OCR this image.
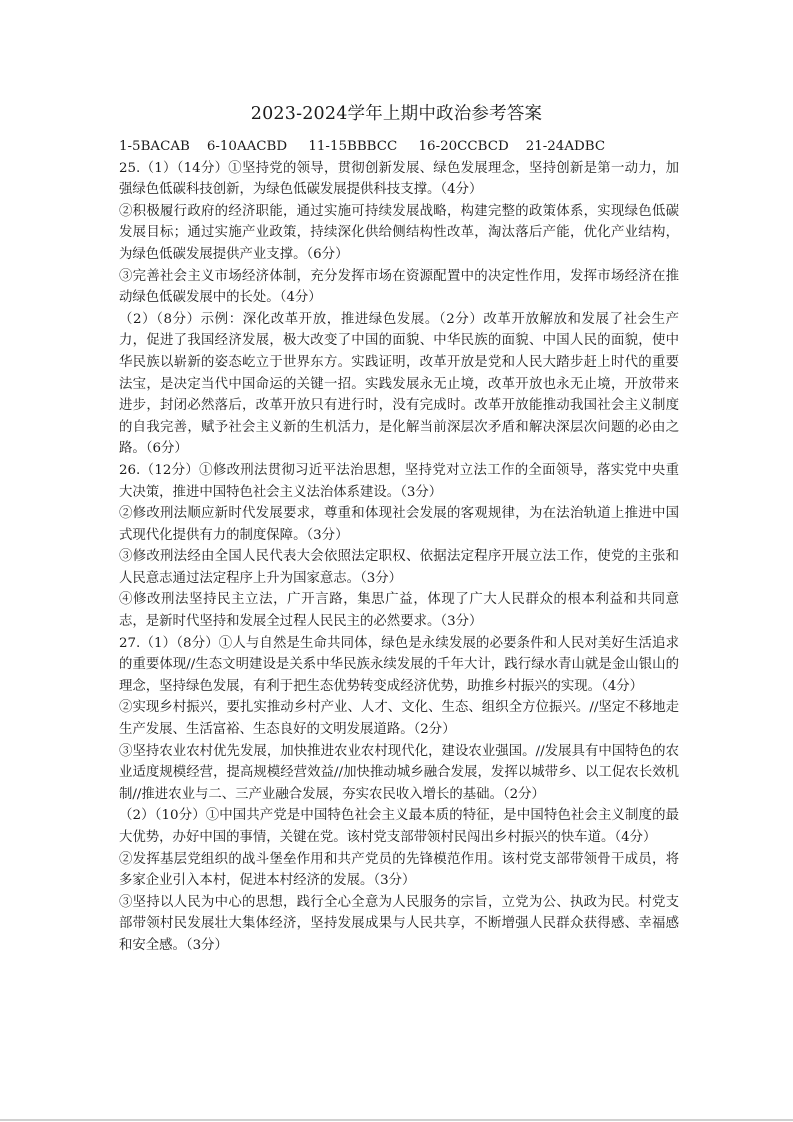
2023-2024学年上期中政治参考答案

1-5BACAB    6-10AACBD     11-15BBBCC     16-20CCBCD    21-24ADBC

25.（1）（14分）①坚持党的领导，贯彻创新发展、绿色发展理念，坚持创新是第一动力，加强绿色低碳科技创新，为绿色低碳发展提供科技支撑。（4分）

②积极履行政府的经济职能，通过实施可持续发展战略，构建完整的政策体系，实现绿色低碳发展目标；通过实施产业政策，持续深化供给侧结构性改革，淘汰落后产能，优化产业结构，为绿色低碳发展提供产业支撑。（6分）

③完善社会主义市场经济体制，充分发挥市场在资源配置中的决定性作用，发挥市场经济在推动绿色低碳发展中的长处。（4分）

（2）（8分）示例：深化改革开放，推进绿色发展。（2分）改革开放解放和发展了社会生产力，促进了我国经济发展，极大改变了中国的面貌、中华民族的面貌、中国人民的面貌，使中华民族以崭新的姿态屹立于世界东方。实践证明，改革开放是党和人民大踏步赶上时代的重要法宝，是决定当代中国命运的关键一招。实践发展永无止境，改革开放也永无止境，开放带来进步，封闭必然落后，改革开放只有进行时，没有完成时。改革开放能推动我国社会主义制度的自我完善，赋予社会主义新的生机活力，是化解当前深层次矛盾和解决深层次问题的必由之路。（6分）

26.（12分）①修改刑法贯彻习近平法治思想，坚持党对立法工作的全面领导，落实党中央重大决策，推进中国特色社会主义法治体系建设。（3分）

②修改刑法顺应新时代发展要求，尊重和体现社会发展的客观规律，为在法治轨道上推进中国式现代化提供有力的制度保障。（3分）

③修改刑法经由全国人民代表大会依照法定职权、依据法定程序开展立法工作，使党的主张和人民意志通过法定程序上升为国家意志。（3分）

④修改刑法坚持民主立法，广开言路，集思广益，体现了广大人民群众的根本利益和共同意志，是新时代坚持和发展全过程人民民主的必然要求。（3分）

27.（1）（8分）①人与自然是生命共同体，绿色是永续发展的必要条件和人民对美好生活追求的重要体现//生态文明建设是关系中华民族永续发展的千年大计，践行绿水青山就是金山银山的理念，坚持绿色发展，有利于把生态优势转变成经济优势，助推乡村振兴的实现。（4分）

②实现乡村振兴，要扎实推动乡村产业、人才、文化、生态、组织全方位振兴。//坚定不移地走生产发展、生活富裕、生态良好的文明发展道路。（2分）

③坚持农业农村优先发展，加快推进农业农村现代化，建设农业强国。//发展具有中国特色的农业适度规模经营，提高规模经营效益//加快推动城乡融合发展，发挥以城带乡、以工促农长效机制//推进农业与二、三产业融合发展，夯实农民收入增长的基础。（2分）

（2）（10分）①中国共产党是中国特色社会主义最本质的特征，是中国特色社会主义制度的最大优势，办好中国的事情，关键在党。该村党支部带领村民闯出乡村振兴的快车道。（4分）

②发挥基层党组织的战斗堡垒作用和共产党员的先锋模范作用。该村党支部带领骨干成员，将多家企业引入本村，促进本村经济的发展。（3分）

③坚持以人民为中心的思想，践行全心全意为人民服务的宗旨，立党为公、执政为民。村党支部带领村民发展壮大集体经济，坚持发展成果与人民共享，不断增强人民群众获得感、幸福感和安全感。（3分）
